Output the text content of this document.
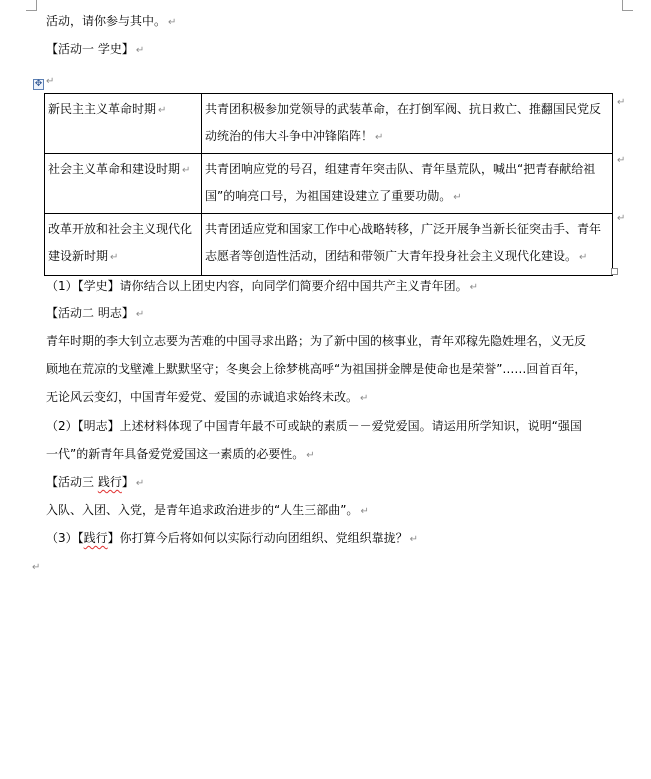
活动，请你参与其中。 ↵
【活动一 学史】 ↵
↵
✥
新民主主义革命时期 ↵	共青团积极参加党领导的武装革命，在打倒军阀、抗日救亡、推翻国民党反动统治的伟大斗争中冲锋陷阵！ ↵
社会主义革命和建设时期 ↵	共青团响应党的号召，组建青年突击队、青年垦荒队，喊出“把青春献给祖国”的响亮口号，为祖国建设建立了重要功勋。 ↵
改革开放和社会主义现代化建设新时期 ↵	共青团适应党和国家工作中心战略转移，广泛开展争当新长征突击手、青年志愿者等创造性活动，团结和带领广大青年投身社会主义现代化建设。 ↵
↵
↵
↵
（1）【学史】请你结合以上团史内容，向同学们简要介绍中国共产主义青年团。 ↵
【活动二 明志】 ↵
青年时期的李大钊立志要为苦难的中国寻求出路；为了新中国的核事业，青年邓稼先隐姓埋名，义无反
顾地在荒凉的戈壁滩上默默坚守；冬奥会上徐梦桃高呼“为祖国拼金牌是使命也是荣誉”……回首百年，
无论风云变幻，中国青年爱党、爱国的赤诚追求始终未改。 ↵
（2）【明志】上述材料体现了中国青年最不可或缺的素质－－爱党爱国。请运用所学知识，说明“强国
一代”的新青年具备爱党爱国这一素质的必要性。 ↵
【活动三 践行】 ↵
入队、入团、入党，是青年追求政治进步的“人生三部曲”。 ↵
（3）【践行】你打算今后将如何以实际行动向团组织、党组织靠拢？ ↵
↵
